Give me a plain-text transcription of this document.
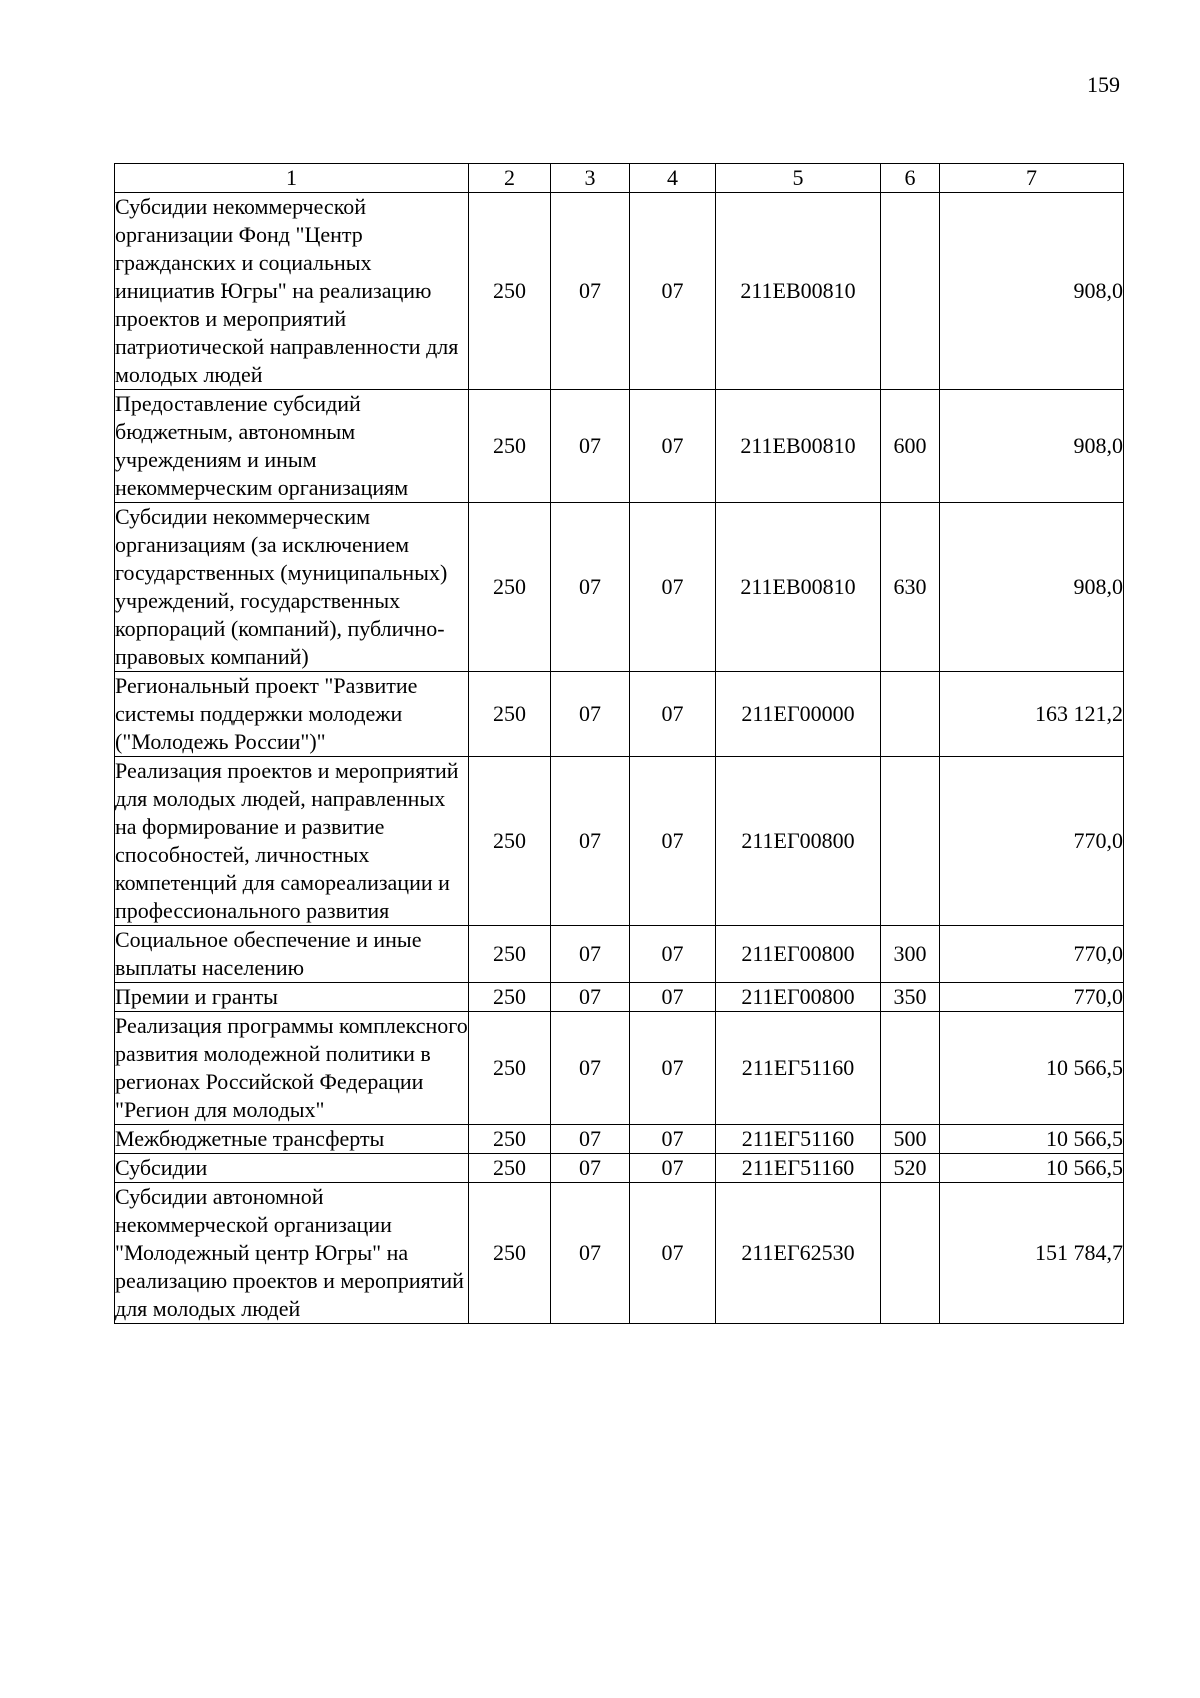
159
1	2	3	4	5	6	7
Субсидии некоммерческой организации Фонд "Центр гражданских и социальных инициатив Югры" на реализацию проектов и мероприятий патриотической направленности для молодых людей	250	07	07	211EB00810		908,0
Предоставление субсидий бюджетным, автономным учреждениям и иным некоммерческим организациям	250	07	07	211EB00810	600	908,0
Субсидии некоммерческим организациям (за исключением государственных (муниципальных) учреждений, государственных корпораций (компаний), публично-правовых компаний)	250	07	07	211EB00810	630	908,0
Региональный проект "Развитие системы поддержки молодежи ("Молодежь России")"	250	07	07	211EГ00000		163 121,2
Реализация проектов и мероприятий для молодых людей, направленных на формирование и развитие способностей, личностных компетенций для самореализации и профессионального развития	250	07	07	211EГ00800		770,0
Социальное обеспечение и иные выплаты населению	250	07	07	211EГ00800	300	770,0
Премии и гранты	250	07	07	211EГ00800	350	770,0
Реализация программы комплексного развития молодежной политики в регионах Российской Федерации "Регион для молодых"	250	07	07	211EГ51160		10 566,5
Межбюджетные трансферты	250	07	07	211EГ51160	500	10 566,5
Субсидии	250	07	07	211EГ51160	520	10 566,5
Субсидии автономной некоммерческой организации "Молодежный центр Югры" на реализацию проектов и мероприятий для молодых людей	250	07	07	211EГ62530		151 784,7
